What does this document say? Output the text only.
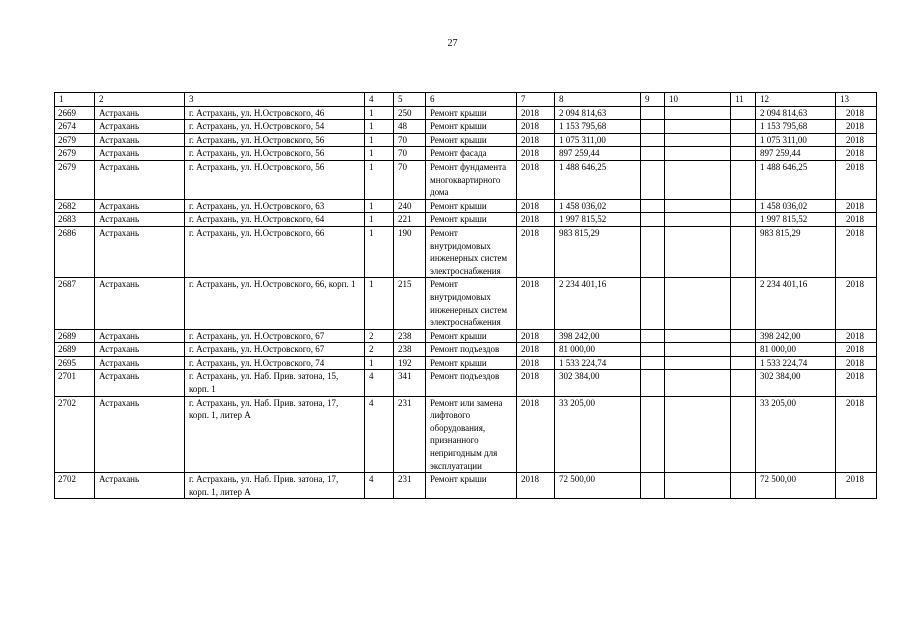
27
1	2	3	4	5	6	7	8	9	10	11	12	13
2669	Астрахань	г. Астрахань, ул. Н.Островского, 46	1	250	Ремонт крыши	2018	2 094 814,63				2 094 814,63	2018
2674	Астрахань	г. Астрахань, ул. Н.Островского, 54	1	48	Ремонт крыши	2018	1 153 795,68				1 153 795,68	2018
2679	Астрахань	г. Астрахань, ул. Н.Островского, 56	1	70	Ремонт крыши	2018	1 075 311,00				1 075 311,00	2018
2679	Астрахань	г. Астрахань, ул. Н.Островского, 56	1	70	Ремонт фасада	2018	897 259,44				897 259,44	2018
2679	Астрахань	г. Астрахань, ул. Н.Островского, 56	1	70	Ремонт фундамента многоквартирного дома	2018	1 488 646,25				1 488 646,25	2018
2682	Астрахань	г. Астрахань, ул. Н.Островского, 63	1	240	Ремонт крыши	2018	1 458 036,02				1 458 036,02	2018
2683	Астрахань	г. Астрахань, ул. Н.Островского, 64	1	221	Ремонт крыши	2018	1 997 815,52				1 997 815,52	2018
2686	Астрахань	г. Астрахань, ул. Н.Островского, 66	1	190	Ремонт внутридомовых инженерных систем электроснабжения	2018	983 815,29				983 815,29	2018
2687	Астрахань	г. Астрахань, ул. Н.Островского, 66, корп. 1	1	215	Ремонт внутридомовых инженерных систем электроснабжения	2018	2 234 401,16				2 234 401,16	2018
2689	Астрахань	г. Астрахань, ул. Н.Островского, 67	2	238	Ремонт крыши	2018	398 242,00				398 242,00	2018
2689	Астрахань	г. Астрахань, ул. Н.Островского, 67	2	238	Ремонт подъездов	2018	81 000,00				81 000,00	2018
2695	Астрахань	г. Астрахань, ул. Н.Островского, 74	1	192	Ремонт крыши	2018	1 533 224,74				1 533 224,74	2018
2701	Астрахань	г. Астрахань, ул. Наб. Прив. затона, 15, корп. 1	4	341	Ремонт подъездов	2018	302 384,00				302 384,00	2018
2702	Астрахань	г. Астрахань, ул. Наб. Прив. затона, 17, корп. 1, литер А	4	231	Ремонт или замена лифтового оборудования, признанного непригодным для эксплуатации	2018	33 205,00				33 205,00	2018
2702	Астрахань	г. Астрахань, ул. Наб. Прив. затона, 17, корп. 1, литер А	4	231	Ремонт крыши	2018	72 500,00				72 500,00	2018
